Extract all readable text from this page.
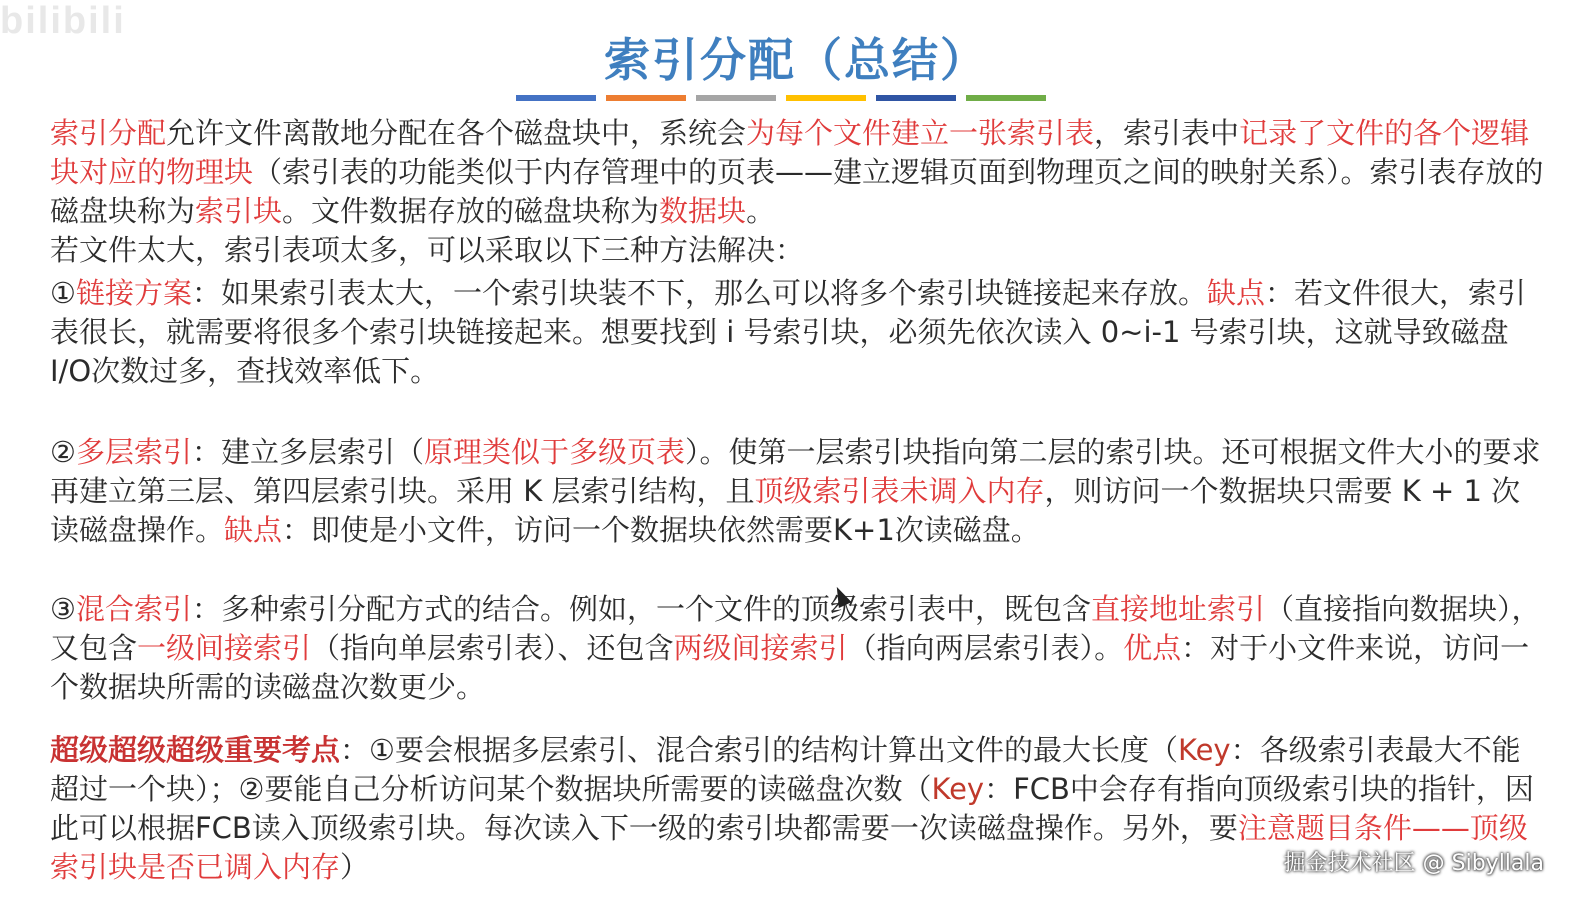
bilibili
索引分配（总结）

索引分配允许文件离散地分配在各个磁盘块中，系统会为每个文件建立一张索引表，索引表中记录了文件的各个逻辑块对应的物理块（索引表的功能类似于内存管理中的页表——建立逻辑页面到物理页之间的映射关系）。索引表存放的磁盘块称为索引块。文件数据存放的磁盘块称为数据块。

若文件太大，索引表项太多，可以采取以下三种方法解决：

①链接方案：如果索引表太大，一个索引块装不下，那么可以将多个索引块链接起来存放。缺点：若文件很大，索引表很长，就需要将很多个索引块链接起来。想要找到 i 号索引块，必须先依次读入 0~i-1 号索引块，这就导致磁盘I/O次数过多，查找效率低下。

②多层索引：建立多层索引（原理类似于多级页表）。使第一层索引块指向第二层的索引块。还可根据文件大小的要求再建立第三层、第四层索引块。采用 K 层索引结构，且顶级索引表未调入内存，则访问一个数据块只需要 K + 1 次读磁盘操作。缺点：即使是小文件，访问一个数据块依然需要K+1次读磁盘。

③混合索引：多种索引分配方式的结合。例如，一个文件的顶级索引表中，既包含直接地址索引（直接指向数据块），又包含一级间接索引（指向单层索引表）、还包含两级间接索引（指向两层索引表）。优点：对于小文件来说，访问一个数据块所需的读磁盘次数更少。

超级超级超级重要考点：①要会根据多层索引、混合索引的结构计算出文件的最大长度（Key：各级索引表最大不能超过一个块）；②要能自己分析访问某个数据块所需要的读磁盘次数（Key：FCB中会存有指向顶级索引块的指针，因此可以根据FCB读入顶级索引块。每次读入下一级的索引块都需要一次读磁盘操作。另外，要注意题目条件——顶级索引块是否已调入内存）	掘金技术社区 @ Sibyllala
